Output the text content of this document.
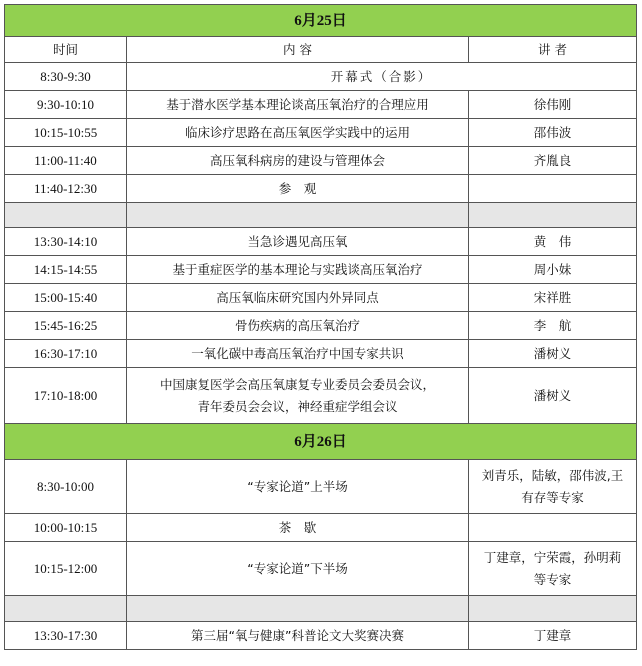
6月25日		
时间	内 容	讲 者
8:30-9:30	开幕式（合影）	
9:30-10:10	基于潜水医学基本理论谈高压氧治疗的合理应用	徐伟刚
10:15-10:55	临床诊疗思路在高压氧医学实践中的运用	邵伟波
11:00-11:40	高压氧科病房的建设与管理体会	齐胤良
11:40-12:30	参　观	

13:30-14:10	当急诊遇见高压氧	黄　伟
14:15-14:55	基于重症医学的基本理论与实践谈高压氧治疗	周小妹
15:00-15:40	高压氧临床研究国内外异同点	宋祥胜
15:45-16:25	骨伤疾病的高压氧治疗	李　航
16:30-17:10	一氧化碳中毒高压氧治疗中国专家共识	潘树义
17:10-18:00	中国康复医学会高压氧康复专业委员会委员会议，
青年委员会会议，神经重症学组会议	潘树义
6月26日		
8:30-10:00	“专家论道”上半场	刘青乐，陆敏，邵伟波,王
有存等专家

10:00-10:15	茶　歇	
10:15-12:00	“专家论道”下半场	丁建章，宁荣霞，孙明莉
等专家

13:30-17:30	第三届“氧与健康”科普论文大奖赛决赛	丁建章
